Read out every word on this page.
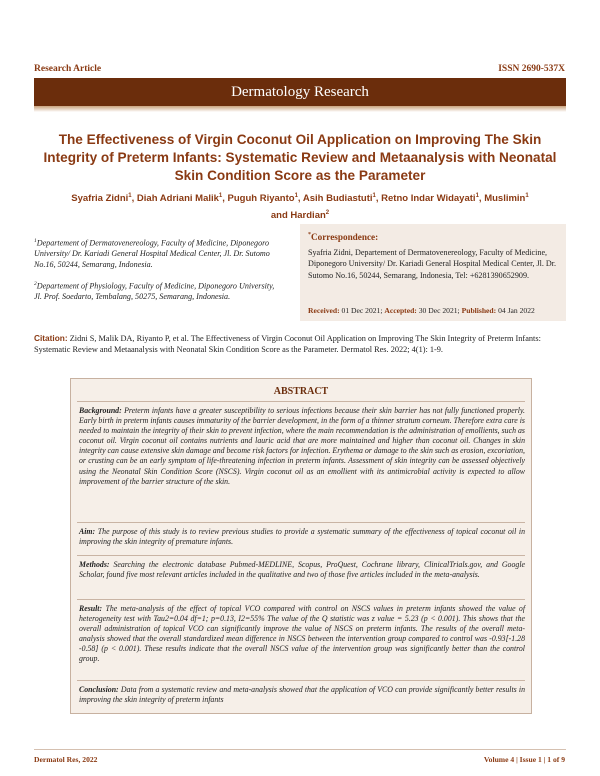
Research Article	ISSN 2690-537X
Dermatology Research
The Effectiveness of Virgin Coconut Oil Application on Improving The Skin Integrity of Preterm Infants: Systematic Review and Metaanalysis with Neonatal Skin Condition Score as the Parameter
Syafria Zidni$^1$, Diah Adriani Malik$^1$, Puguh Riyanto$^1$, Asih Budiastuti$^1$, Retno Indar Widayati$^1$, Muslimin$^1$
and Hardian$^2$
$^1$Departement of Dermatovenereology, Faculty of Medicine, Diponegoro University/ Dr. Kariadi General Hospital Medical Center, Jl. Dr. Sutomo No.16, 50244, Semarang, Indonesia.
$^2$Departement of Physiology, Faculty of Medicine, Diponegoro University, Jl. Prof. Soedarto, Tembalang, 50275, Semarang, Indonesia.
*Correspondence:
Syafria Zidni, Departement of Dermatovenereology, Faculty of Medicine, Diponegoro University/ Dr. Kariadi General Hospital Medical Center, Jl. Dr. Sutomo No.16, 50244, Semarang, Indonesia, Tel: +6281390652909.
Received: 01 Dec 2021; Accepted: 30 Dec 2021; Published: 04 Jan 2022
Citation: Zidni S, Malik DA, Riyanto P, et al. The Effectiveness of Virgin Coconut Oil Application on Improving The Skin Integrity of Preterm Infants: Systematic Review and Metaanalysis with Neonatal Skin Condition Score as the Parameter. Dermatol Res. 2022; 4(1): 1-9.
ABSTRACT
Background: Preterm infants have a greater susceptibility to serious infections because their skin barrier has not fully functioned properly. Early birth in preterm infants causes immaturity of the barrier development, in the form of a thinner stratum corneum. Therefore extra care is needed to maintain the integrity of their skin to prevent infection, where the main recommendation is the administration of emollients, such as coconut oil. Virgin coconut oil contains nutrients and lauric acid that are more maintained and higher than coconut oil. Changes in skin integrity can cause extensive skin damage and become risk factors for infection. Erythema or damage to the skin such as erosion, excoriation, or crusting can be an early symptom of life-threatening infection in preterm infants. Assessment of skin integrity can be assessed objectively using the Neonatal Skin Condition Score (NSCS). Virgin coconut oil as an emollient with its antimicrobial activity is expected to allow improvement of the barrier structure of the skin.
Aim: The purpose of this study is to review previous studies to provide a systematic summary of the effectiveness of topical coconut oil in improving the skin integrity of premature infants.
Methods: Searching the electronic database Pubmed-MEDLINE, Scopus, ProQuest, Cochrane library, ClinicalTrials.gov, and Google Scholar, found five most relevant articles included in the qualitative and two of those five articles included in the meta-analysis.
Result: The meta-analysis of the effect of topical VCO compared with control on NSCS values in preterm infants showed the value of heterogeneity test with Tau2=0.04 df=1; p=0.13, I2=55% The value of the Q statistic was z value = 5.23 (p < 0.001). This shows that the overall administration of topical VCO can significantly improve the value of NSCS on preterm infants. The results of the overall meta-analysis showed that the overall standardized mean difference in NSCS between the intervention group compared to control was -0.93[-1.28 -0.58] (p < 0.001). These results indicate that the overall NSCS value of the intervention group was significantly better than the control group.
Conclusion: Data from a systematic review and meta-analysis showed that the application of VCO can provide significantly better results in improving the skin integrity of preterm infants
Dermatol Res, 2022	Volume 4 | Issue 1 | 1 of 9
